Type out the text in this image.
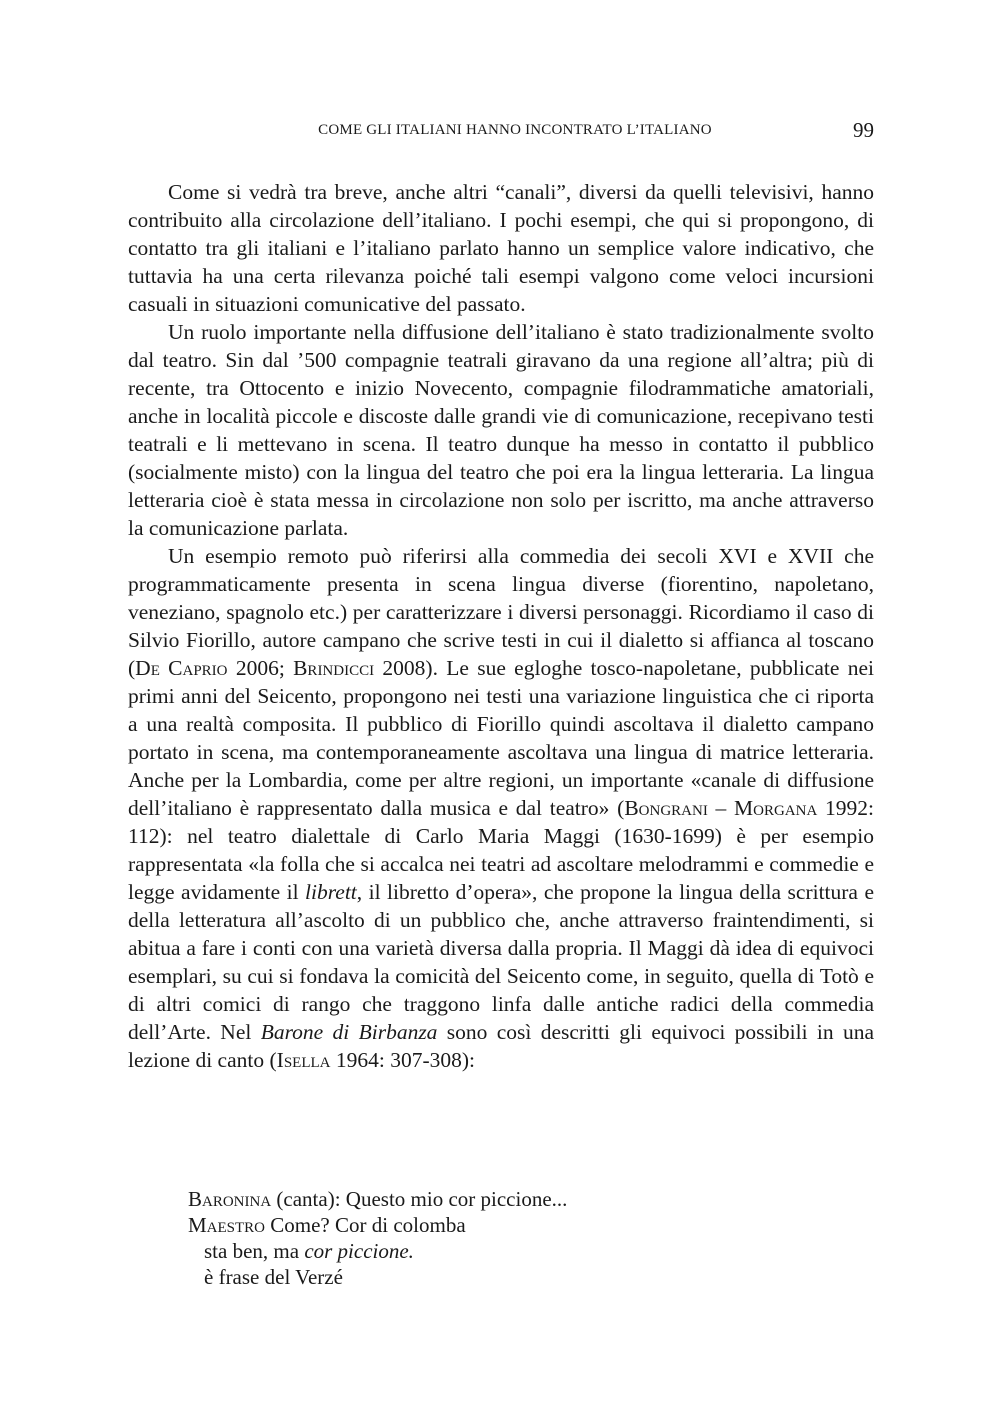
COME GLI ITALIANI HANNO INCONTRATO L’ITALIANO	99

Come si vedrà tra breve, anche altri “canali”, diversi da quelli televisivi, hanno contribuito alla circolazione dell’italiano. I pochi esempi, che qui si propongono, di contatto tra gli italiani e l’italiano parlato hanno un semplice valore indicativo, che tuttavia ha una certa rilevanza poiché tali esempi valgono come veloci incursioni casuali in situazioni comunicative del passato.

Un ruolo importante nella diffusione dell’italiano è stato tradizionalmente svolto dal teatro. Sin dal ’500 compagnie teatrali giravano da una regione all’altra; più di recente, tra Ottocento e inizio Novecento, compagnie filodrammatiche amatoriali, anche in località piccole e discoste dalle grandi vie di comunicazione, recepivano testi teatrali e li mettevano in scena. Il teatro dunque ha messo in contatto il pubblico (socialmente misto) con la lingua del teatro che poi era la lingua letteraria. La lingua letteraria cioè è stata messa in circolazione non solo per iscritto, ma anche attraverso la comunicazione parlata.

Un esempio remoto può riferirsi alla commedia dei secoli XVI e XVII che programmaticamente presenta in scena lingua diverse (fiorentino, napoletano, veneziano, spagnolo etc.) per caratterizzare i diversi personaggi. Ricordiamo il caso di Silvio Fiorillo, autore campano che scrive testi in cui il dialetto si affianca al toscano (De Caprio 2006; Brindicci 2008). Le sue egloghe tosco-napoletane, pubblicate nei primi anni del Seicento, propongono nei testi una variazione linguistica che ci riporta a una realtà composita. Il pubblico di Fiorillo quindi ascoltava il dialetto campano portato in scena, ma contemporaneamente ascoltava una lingua di matrice letteraria. Anche per la Lombardia, come per altre regioni, un importante «canale di diffusione dell’italiano è rappresentato dalla musica e dal teatro» (Bongrani – Morgana 1992: 112): nel teatro dialettale di Carlo Maria Maggi (1630-1699) è per esempio rappresentata «la folla che si accalca nei teatri ad ascoltare melodrammi e commedie e legge avidamente il librett, il libretto d’opera», che propone la lingua della scrittura e della letteratura all’ascolto di un pubblico che, anche attraverso fraintendimenti, si abitua a fare i conti con una varietà diversa dalla propria. Il Maggi dà idea di equivoci esemplari, su cui si fondava la comicità del Seicento come, in seguito, quella di Totò e di altri comici di rango che traggono linfa dalle antiche radici della commedia dell’Arte. Nel Barone di Birbanza sono così descritti gli equivoci possibili in una lezione di canto (Isella 1964: 307-308):

Baronina (canta): Questo mio cor piccione...
Maestro Come? Cor di colomba
sta ben, ma cor piccione.
è frase del Verzé
